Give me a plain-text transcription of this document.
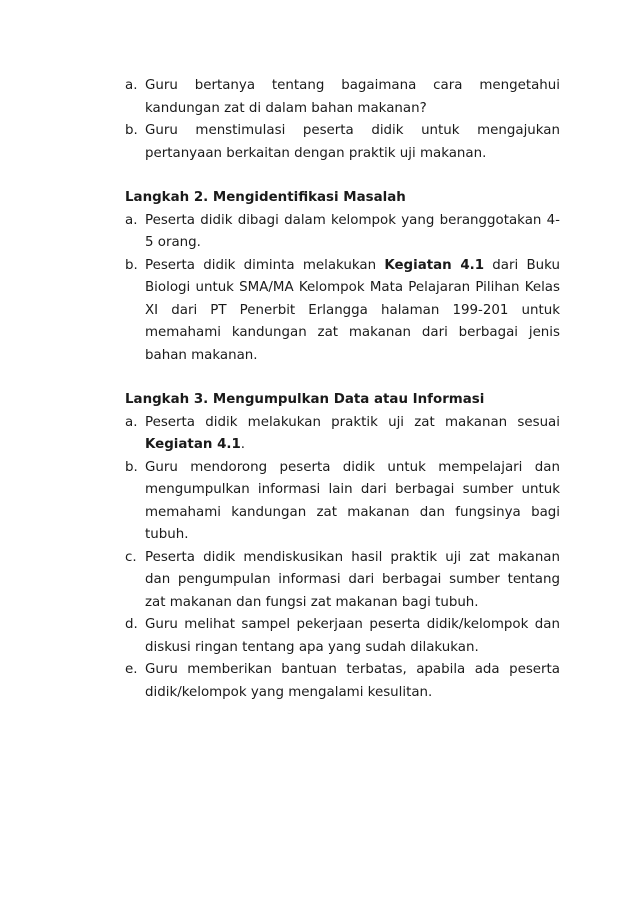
a. Guru bertanya tentang bagaimana cara mengetahui kandungan zat di dalam bahan makanan?
b. Guru menstimulasi peserta didik untuk mengajukan pertanyaan berkaitan dengan praktik uji makanan.

Langkah 2. Mengidentifikasi Masalah

a. Peserta didik dibagi dalam kelompok yang beranggotakan 4-5 orang.
b. Peserta didik diminta melakukan Kegiatan 4.1 dari Buku Biologi untuk SMA/MA Kelompok Mata Pelajaran Pilihan Kelas XI dari PT Penerbit Erlangga halaman 199-201 untuk memahami kandungan zat makanan dari berbagai jenis bahan makanan.

Langkah 3. Mengumpulkan Data atau Informasi

a. Peserta didik melakukan praktik uji zat makanan sesuai Kegiatan 4.1.
b. Guru mendorong peserta didik untuk mempelajari dan mengumpulkan informasi lain dari berbagai sumber untuk memahami kandungan zat makanan dan fungsinya bagi tubuh.
c. Peserta didik mendiskusikan hasil praktik uji zat makanan dan pengumpulan informasi dari berbagai sumber tentang zat makanan dan fungsi zat makanan bagi tubuh.
d. Guru melihat sampel pekerjaan peserta didik/kelompok dan diskusi ringan tentang apa yang sudah dilakukan.
e. Guru memberikan bantuan terbatas, apabila ada peserta didik/kelompok yang mengalami kesulitan.
